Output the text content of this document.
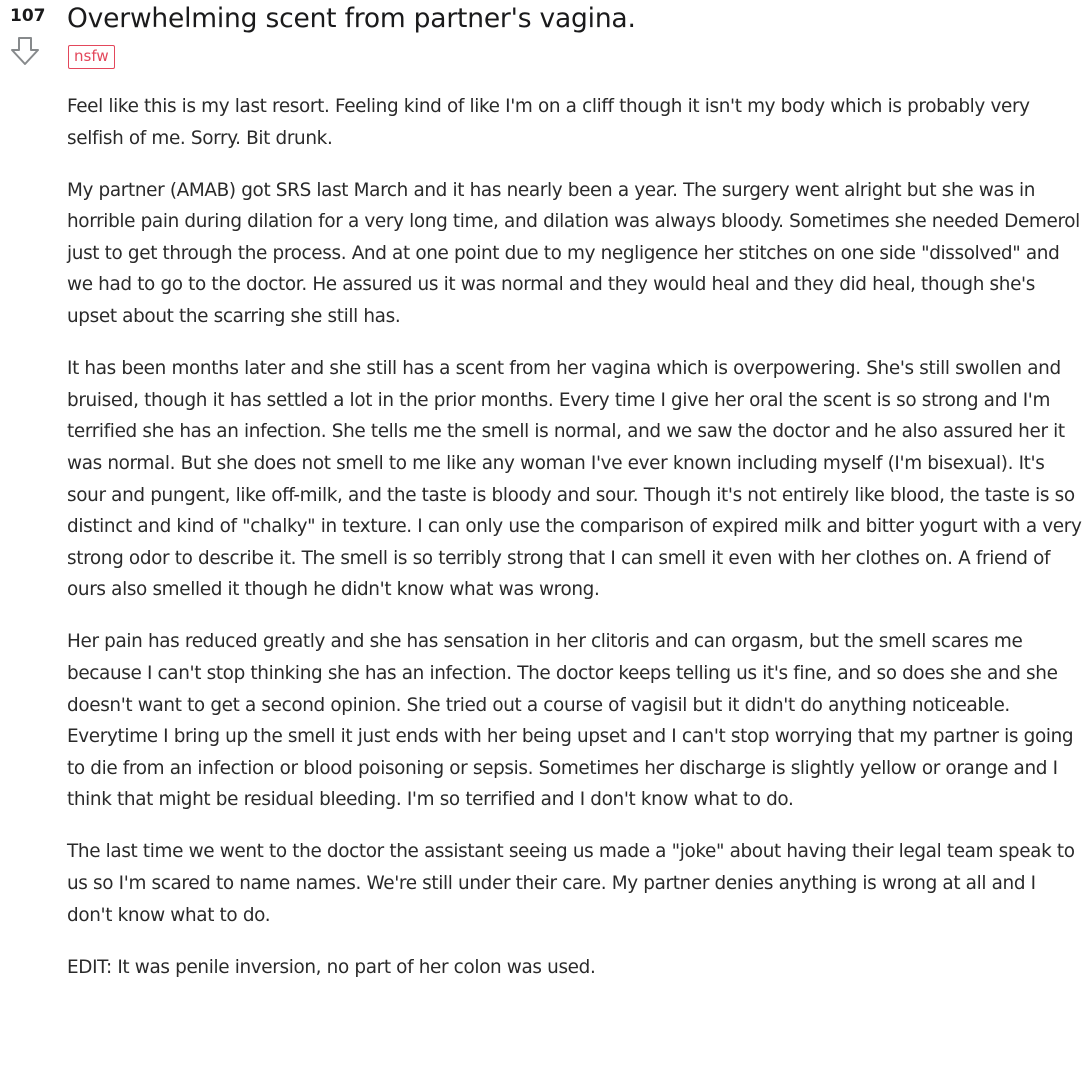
107 Overwhelming scent from partner's vagina.
nsfw

Feel like this is my last resort. Feeling kind of like I'm on a cliff though it isn't my body which is probably very selfish of me. Sorry. Bit drunk.

My partner (AMAB) got SRS last March and it has nearly been a year. The surgery went alright but she was in horrible pain during dilation for a very long time, and dilation was always bloody. Sometimes she needed Demerol just to get through the process. And at one point due to my negligence her stitches on one side "dissolved" and we had to go to the doctor. He assured us it was normal and they would heal and they did heal, though she's upset about the scarring she still has.

It has been months later and she still has a scent from her vagina which is overpowering. She's still swollen and bruised, though it has settled a lot in the prior months. Every time I give her oral the scent is so strong and I'm terrified she has an infection. She tells me the smell is normal, and we saw the doctor and he also assured her it was normal. But she does not smell to me like any woman I've ever known including myself (I'm bisexual). It's sour and pungent, like off-milk, and the taste is bloody and sour. Though it's not entirely like blood, the taste is so distinct and kind of "chalky" in texture. I can only use the comparison of expired milk and bitter yogurt with a very strong odor to describe it. The smell is so terribly strong that I can smell it even with her clothes on. A friend of ours also smelled it though he didn't know what was wrong.

Her pain has reduced greatly and she has sensation in her clitoris and can orgasm, but the smell scares me because I can't stop thinking she has an infection. The doctor keeps telling us it's fine, and so does she and she doesn't want to get a second opinion. She tried out a course of vagisil but it didn't do anything noticeable. Everytime I bring up the smell it just ends with her being upset and I can't stop worrying that my partner is going to die from an infection or blood poisoning or sepsis. Sometimes her discharge is slightly yellow or orange and I think that might be residual bleeding. I'm so terrified and I don't know what to do.

The last time we went to the doctor the assistant seeing us made a "joke" about having their legal team speak to us so I'm scared to name names. We're still under their care. My partner denies anything is wrong at all and I don't know what to do.

EDIT: It was penile inversion, no part of her colon was used.
